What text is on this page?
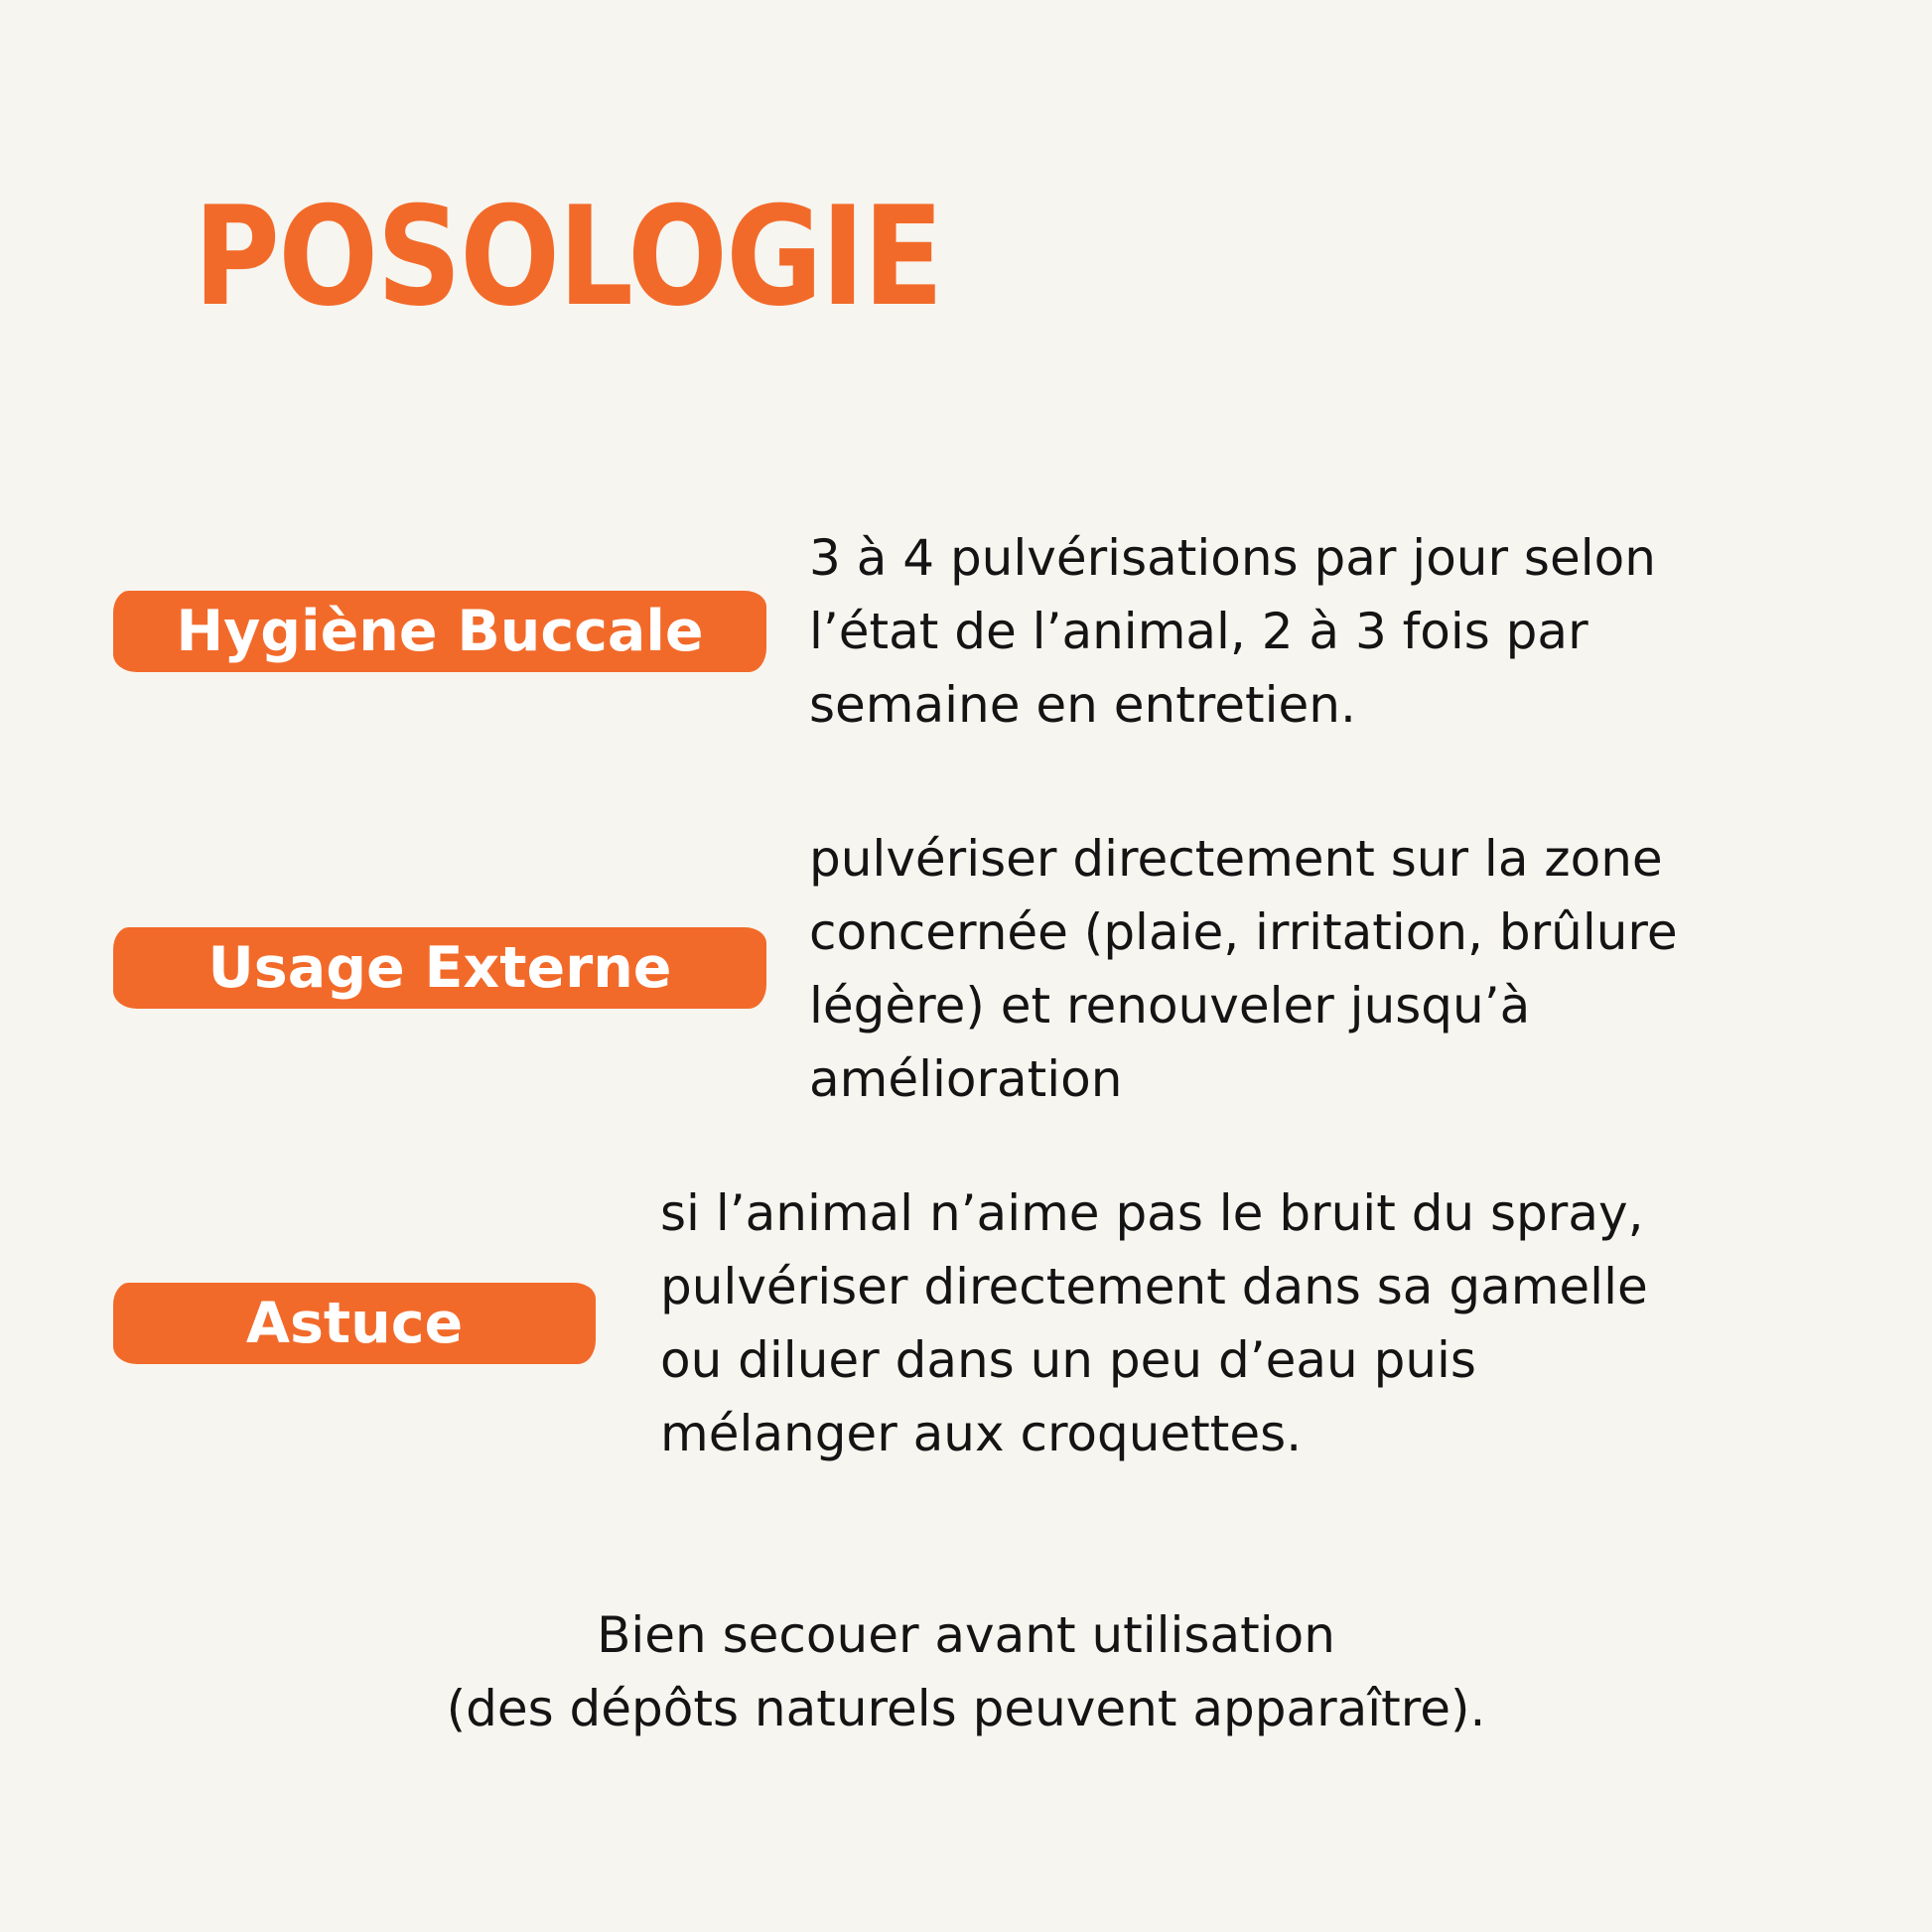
POSOLOGIE
Hygiène Buccale

3 à 4 pulvérisations par jour selon
l’état de l’animal, 2 à 3 fois par
semaine en entretien.

Usage Externe

pulvériser directement sur la zone
concernée (plaie, irritation, brûlure
légère) et renouveler jusqu’à
amélioration

Astuce

si l’animal n’aime pas le bruit du spray,
pulvériser directement dans sa gamelle
ou diluer dans un peu d’eau puis
mélanger aux croquettes.

Bien secouer avant utilisation
(des dépôts naturels peuvent apparaître).
